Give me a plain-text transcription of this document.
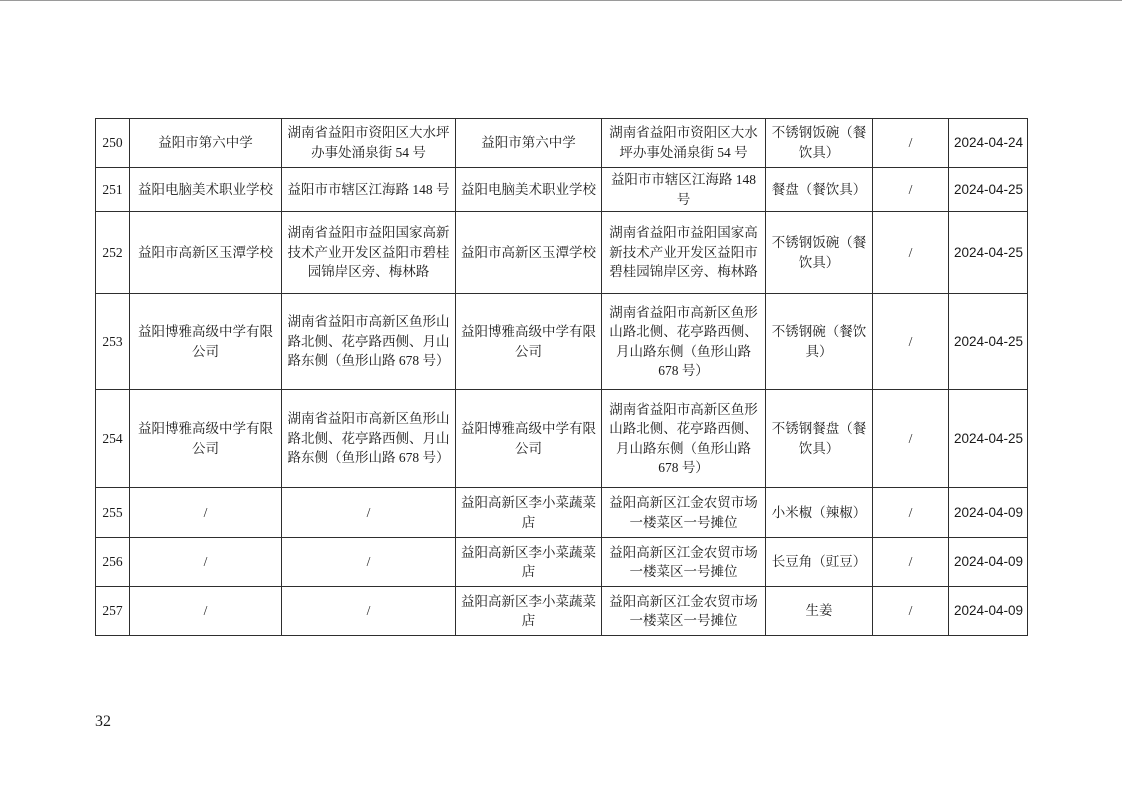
250	益阳市第六中学	湖南省益阳市资阳区大水坪办事处涌泉街 54 号	益阳市第六中学	湖南省益阳市资阳区大水坪办事处涌泉街 54 号	不锈钢饭碗（餐饮具）	/	2024-04-24
251	益阳电脑美术职业学校	益阳市市辖区江海路 148 号	益阳电脑美术职业学校	益阳市市辖区江海路 148 号	餐盘（餐饮具）	/	2024-04-25
252	益阳市高新区玉潭学校	湖南省益阳市益阳国家高新技术产业开发区益阳市碧桂园锦岸区旁、梅林路	益阳市高新区玉潭学校	湖南省益阳市益阳国家高新技术产业开发区益阳市碧桂园锦岸区旁、梅林路	不锈钢饭碗（餐饮具）	/	2024-04-25
253	益阳博雅高级中学有限公司	湖南省益阳市高新区鱼形山路北侧、花亭路西侧、月山路东侧（鱼形山路 678 号）	益阳博雅高级中学有限公司	湖南省益阳市高新区鱼形山路北侧、花亭路西侧、月山路东侧（鱼形山路 678 号）	不锈钢碗（餐饮具）	/	2024-04-25
254	益阳博雅高级中学有限公司	湖南省益阳市高新区鱼形山路北侧、花亭路西侧、月山路东侧（鱼形山路 678 号）	益阳博雅高级中学有限公司	湖南省益阳市高新区鱼形山路北侧、花亭路西侧、月山路东侧（鱼形山路 678 号）	不锈钢餐盘（餐饮具）	/	2024-04-25
255	/	/	益阳高新区李小菜蔬菜店	益阳高新区江金农贸市场一楼菜区一号摊位	小米椒（辣椒）	/	2024-04-09
256	/	/	益阳高新区李小菜蔬菜店	益阳高新区江金农贸市场一楼菜区一号摊位	长豆角（豇豆）	/	2024-04-09
257	/	/	益阳高新区李小菜蔬菜店	益阳高新区江金农贸市场一楼菜区一号摊位	生姜	/	2024-04-09
32
